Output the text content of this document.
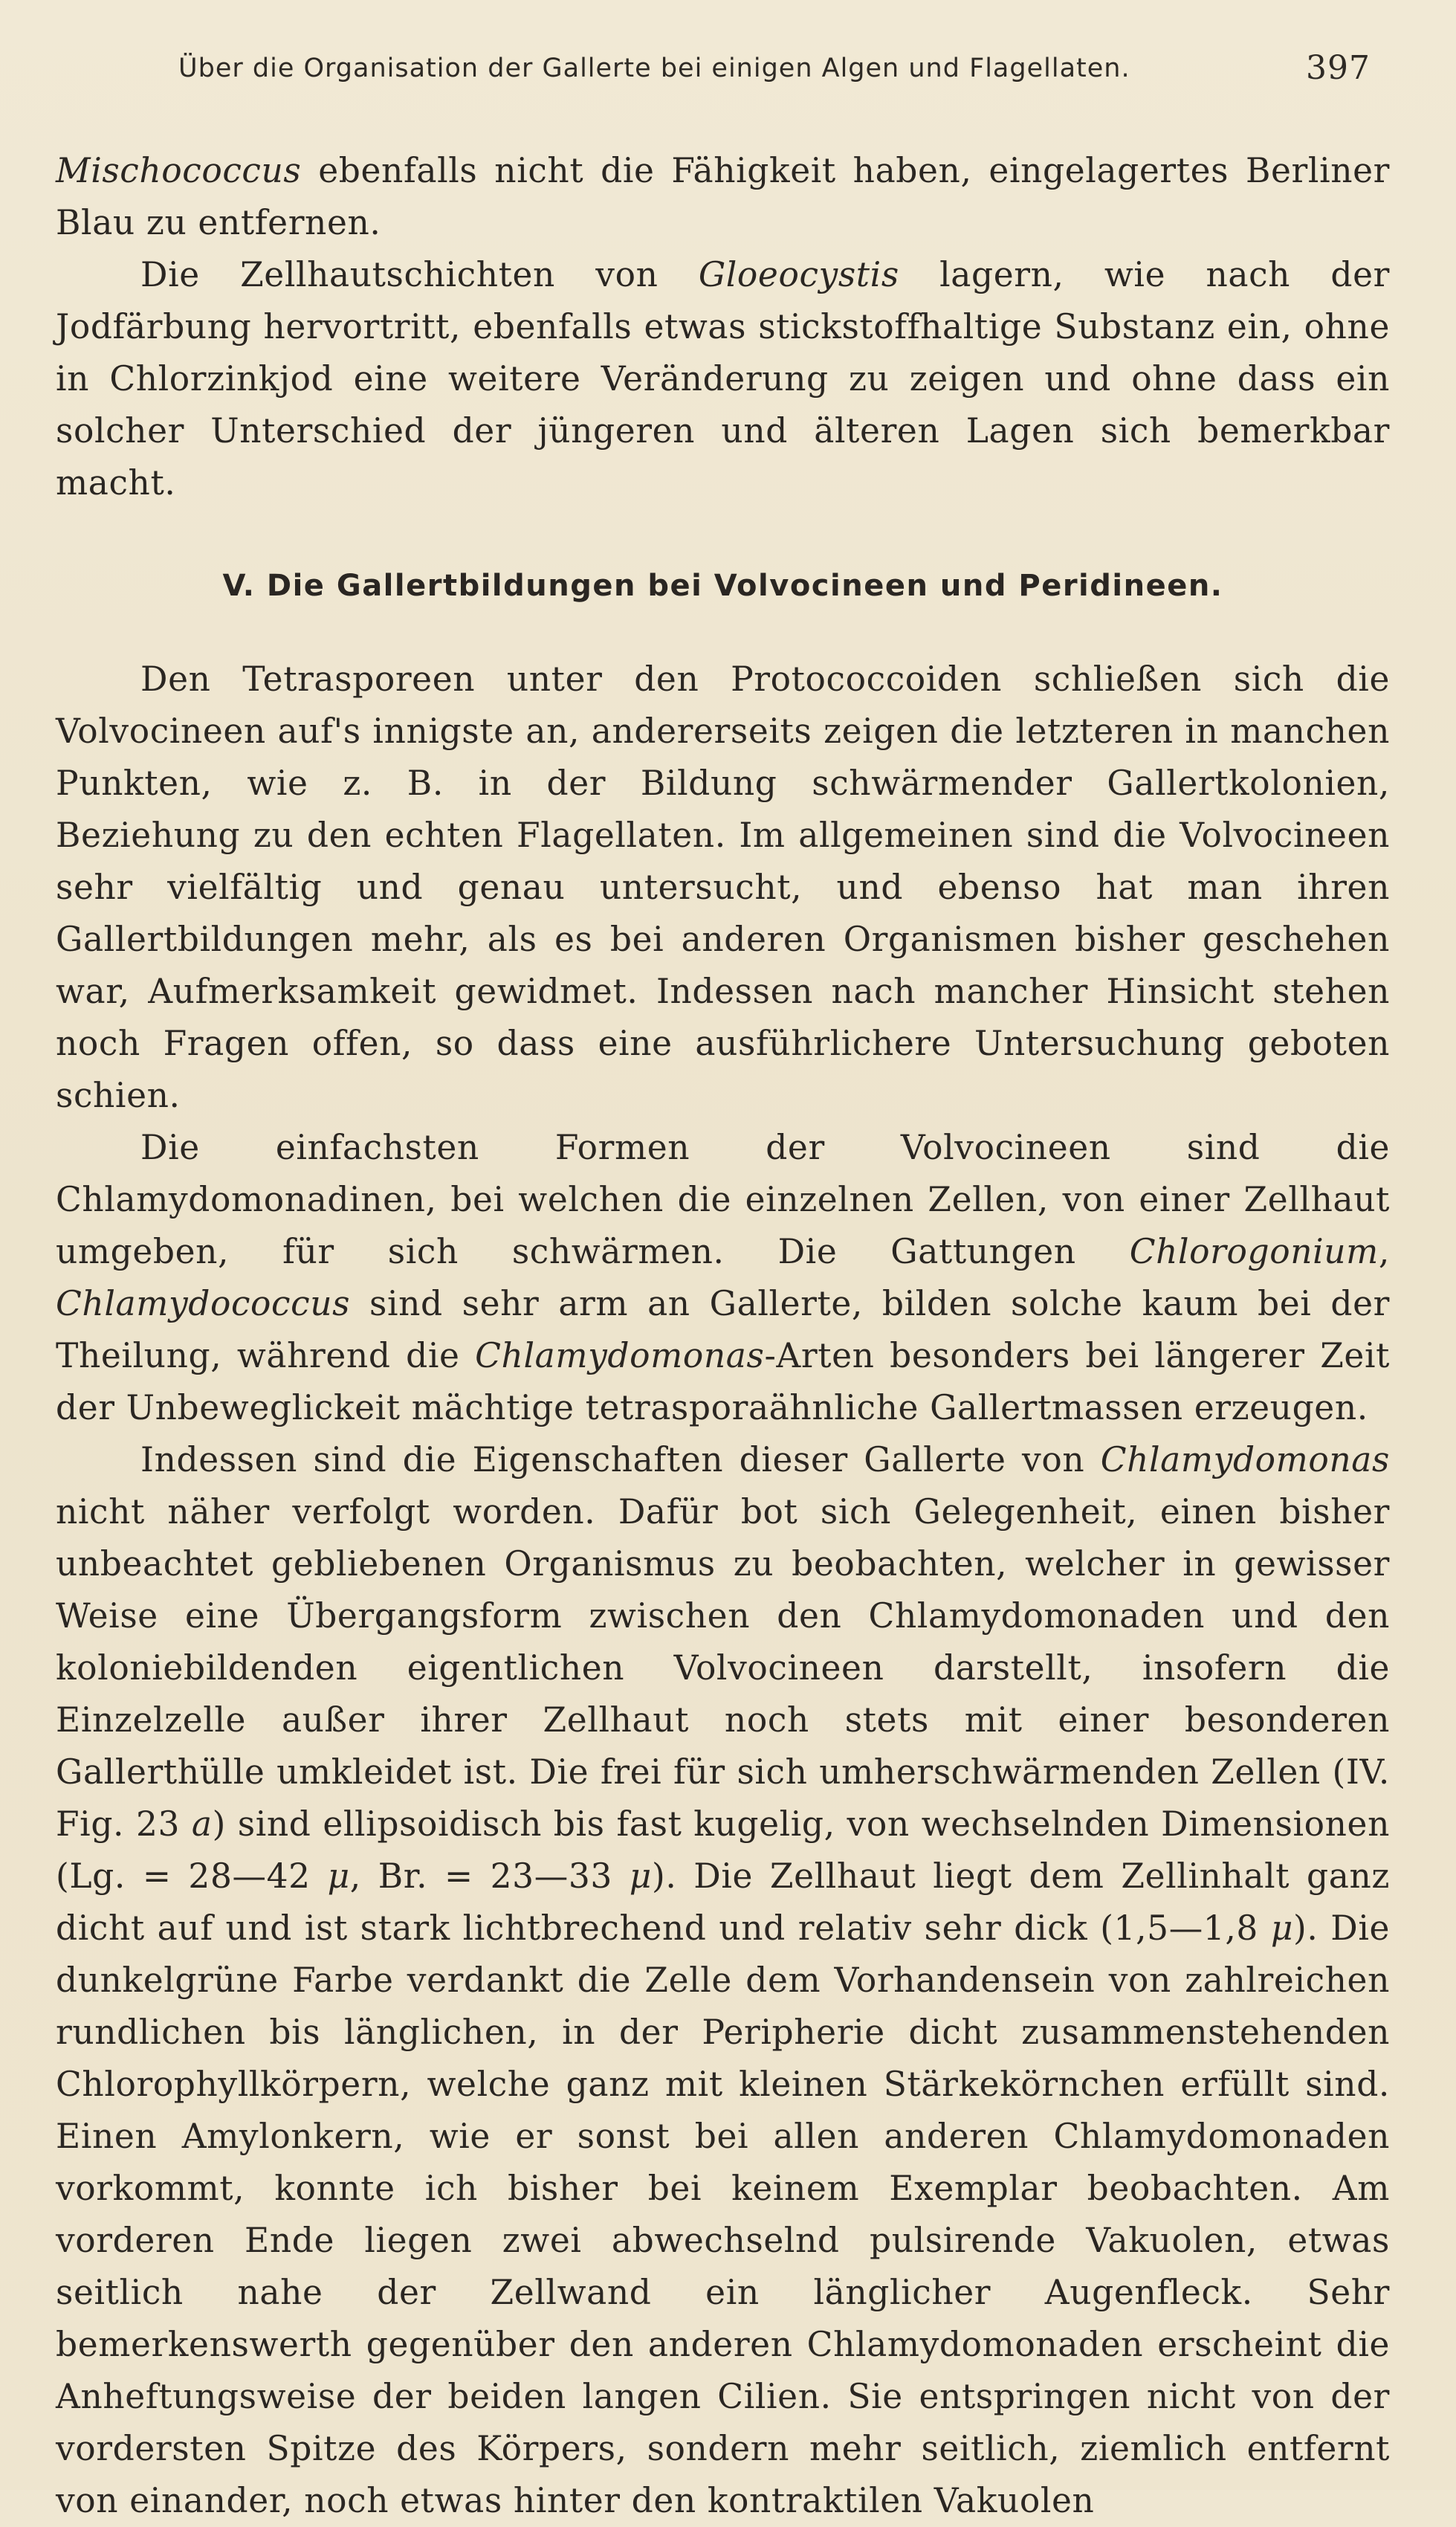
Über die Organisation der Gallerte bei einigen Algen und Flagellaten.	397

Mischococcus ebenfalls nicht die Fähigkeit haben, eingelagertes Berliner Blau zu entfernen.

Die Zellhautschichten von Gloeocystis lagern, wie nach der Jodfärbung hervortritt, ebenfalls etwas stickstoffhaltige Substanz ein, ohne in Chlorzinkjod eine weitere Veränderung zu zeigen und ohne dass ein solcher Unterschied der jüngeren und älteren Lagen sich bemerkbar macht.

V. Die Gallertbildungen bei Volvocineen und Peridineen.

Den Tetrasporeen unter den Protococcoiden schließen sich die Volvocineen auf's innigste an, andererseits zeigen die letzteren in manchen Punkten, wie z. B. in der Bildung schwärmender Gallertkolonien, Beziehung zu den echten Flagellaten. Im allgemeinen sind die Volvocineen sehr vielfältig und genau untersucht, und ebenso hat man ihren Gallertbildungen mehr, als es bei anderen Organismen bisher geschehen war, Aufmerksamkeit gewidmet. Indessen nach mancher Hinsicht stehen noch Fragen offen, so dass eine ausführlichere Untersuchung geboten schien.

Die einfachsten Formen der Volvocineen sind die Chlamydomonadinen, bei welchen die einzelnen Zellen, von einer Zellhaut umgeben, für sich schwärmen. Die Gattungen Chlorogonium, Chlamydococcus sind sehr arm an Gallerte, bilden solche kaum bei der Theilung, während die Chlamydomonas-Arten besonders bei längerer Zeit der Unbeweglickeit mächtige tetrasporaähnliche Gallertmassen erzeugen.

Indessen sind die Eigenschaften dieser Gallerte von Chlamydomonas nicht näher verfolgt worden. Dafür bot sich Gelegenheit, einen bisher unbeachtet gebliebenen Organismus zu beobachten, welcher in gewisser Weise eine Übergangsform zwischen den Chlamydomonaden und den koloniebildenden eigentlichen Volvocineen darstellt, insofern die Einzelzelle außer ihrer Zellhaut noch stets mit einer besonderen Gallerthülle umkleidet ist. Die frei für sich umherschwärmenden Zellen (IV. Fig. 23 a) sind ellipsoidisch bis fast kugelig, von wechselnden Dimensionen (Lg. = 28—42 μ, Br. = 23—33 μ). Die Zellhaut liegt dem Zellinhalt ganz dicht auf und ist stark lichtbrechend und relativ sehr dick (1,5—1,8 μ). Die dunkelgrüne Farbe verdankt die Zelle dem Vorhandensein von zahlreichen rundlichen bis länglichen, in der Peripherie dicht zusammenstehenden Chlorophyllkörpern, welche ganz mit kleinen Stärkekörnchen erfüllt sind. Einen Amylonkern, wie er sonst bei allen anderen Chlamydomonaden vorkommt, konnte ich bisher bei keinem Exemplar beobachten. Am vorderen Ende liegen zwei abwechselnd pulsirende Vakuolen, etwas seitlich nahe der Zellwand ein länglicher Augenfleck. Sehr bemerkenswerth gegenüber den anderen Chlamydomonaden erscheint die Anheftungsweise der beiden langen Cilien. Sie entspringen nicht von der vordersten Spitze des Körpers, sondern mehr seitlich, ziemlich entfernt von einander, noch etwas hinter den kontraktilen Vakuolen
